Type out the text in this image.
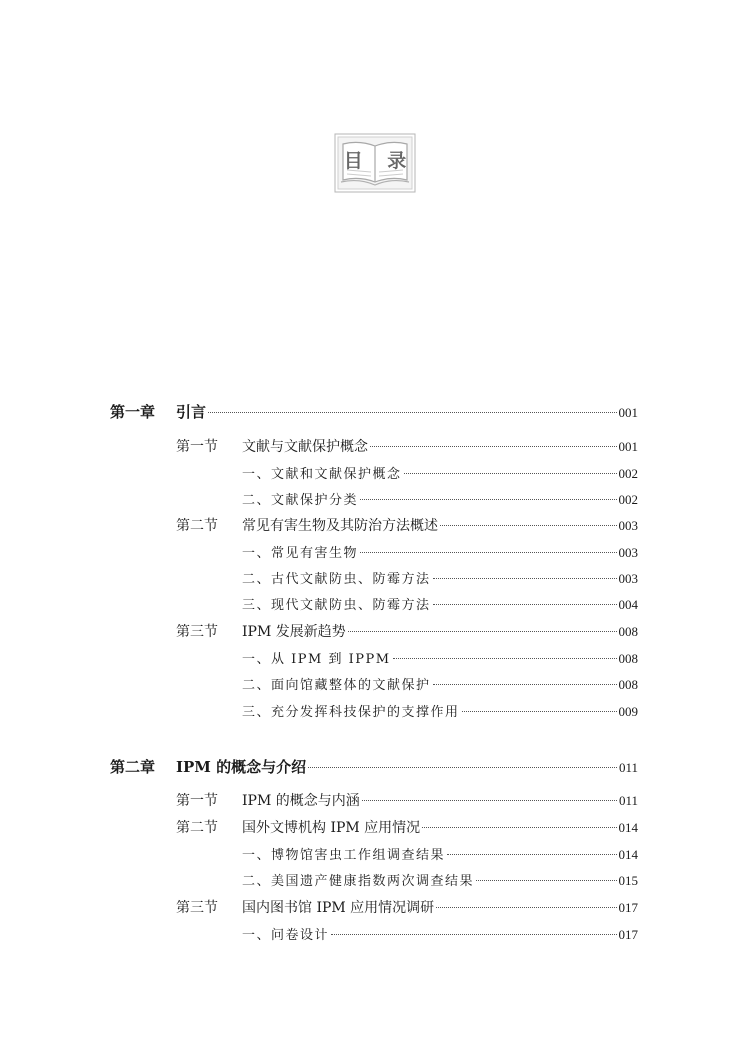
目 录
第一章	引言	001
第一节	文献与文献保护概念	001
一、文献和文献保护概念	002
二、文献保护分类	002
第二节	常见有害生物及其防治方法概述	003
一、常见有害生物	003
二、古代文献防虫、防霉方法	003
三、现代文献防虫、防霉方法	004
第三节	IPM 发展新趋势	008
一、从 IPM 到 IPPM	008
二、面向馆藏整体的文献保护	008
三、充分发挥科技保护的支撑作用	009
第二章	IPM 的概念与介绍	011
第一节	IPM 的概念与内涵	011
第二节	国外文博机构 IPM 应用情况	014
一、博物馆害虫工作组调查结果	014
二、美国遗产健康指数两次调查结果	015
第三节	国内图书馆 IPM 应用情况调研	017
一、问卷设计	017
